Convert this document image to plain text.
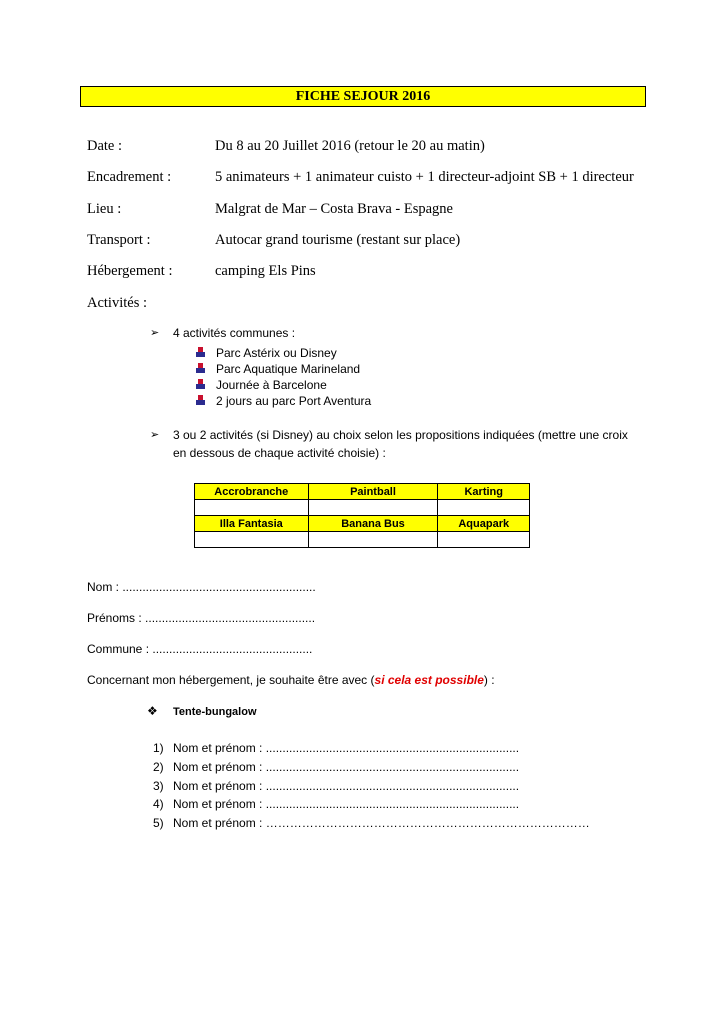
FICHE SEJOUR 2016
Date :	Du 8 au 20 Juillet 2016 (retour le 20 au matin)
Encadrement :	5 animateurs + 1 animateur cuisto + 1 directeur-adjoint SB + 1 directeur
Lieu :	Malgrat de Mar – Costa Brava - Espagne
Transport :	Autocar grand tourisme (restant sur place)
Hébergement :	camping Els Pins
Activités :
➢ 4 activités communes :
Parc Astérix ou Disney
Parc Aquatique Marineland
Journée à Barcelone
2 jours au parc Port Aventura
➢ 3 ou 2 activités (si Disney) au choix selon les propositions indiquées (mettre une croix
en dessous de chaque activité choisie) :
Accrobranche	Paintball	Karting

Illa Fantasia	Banana Bus	Aquapark

Nom : ..........................................................
Prénoms : ...................................................
Commune : ................................................
Concernant mon hébergement, je souhaite être avec (si cela est possible) :
❖ Tente-bungalow
1) Nom et prénom : ............................................................................
2) Nom et prénom : ............................................................................
3) Nom et prénom : ............................................................................
4) Nom et prénom : ............................................................................
5) Nom et prénom : ………………………………………………………………………
